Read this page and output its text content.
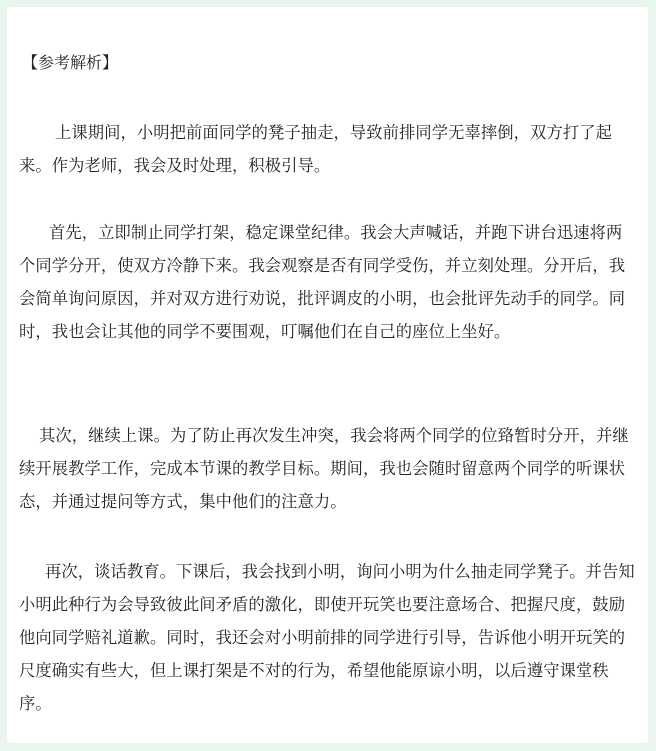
【参考解析】

上课期间，小明把前面同学的凳子抽走，导致前排同学无辜摔倒，双方打了起来。作为老师，我会及时处理，积极引导。

首先，立即制止同学打架，稳定课堂纪律。我会大声喊话，并跑下讲台迅速将两个同学分开，使双方冷静下来。我会观察是否有同学受伤，并立刻处理。分开后，我会简单询问原因，并对双方进行劝说，批评调皮的小明，也会批评先动手的同学。同时，我也会让其他的同学不要围观，叮嘱他们在自己的座位上坐好。

其次，继续上课。为了防止再次发生冲突，我会将两个同学的位臵暂时分开，并继续开展教学工作，完成本节课的教学目标。期间，我也会随时留意两个同学的听课状态，并通过提问等方式，集中他们的注意力。

再次，谈话教育。下课后，我会找到小明，询问小明为什么抽走同学凳子。并告知小明此种行为会导致彼此间矛盾的激化，即使开玩笑也要注意场合、把握尺度，鼓励他向同学赔礼道歉。同时，我还会对小明前排的同学进行引导，告诉他小明开玩笑的尺度确实有些大，但上课打架是不对的行为，希望他能原谅小明，以后遵守课堂秩序。
